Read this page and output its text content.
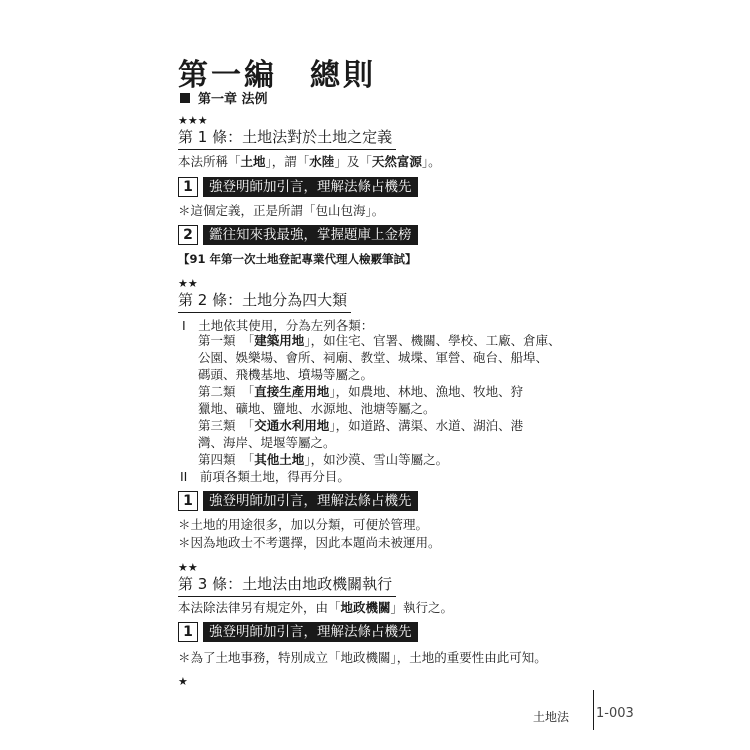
第一編　總則
第一章 法例
★★★
第 1 條：土地法對於土地之定義
本法所稱「土地」，謂「水陸」及「天然富源」。
1	強登明師加引言，理解法條占機先
＊這個定義，正是所謂「包山包海」。
2	鑑往知來我最強，掌握題庫上金榜
【91 年第一次土地登記專業代理人檢覈筆試】
★★
第 2 條：土地分為四大類
I　 土地依其使用，分為左列各類：
第一類　 「建築用地」，如住宅、官署、機關、學校、工廠、倉庫、
公園、娛樂場、會所、祠廟、教堂、城堞、軍營、砲台、船埠、
碼頭、飛機基地、墳場等屬之。
第二類　 「直接生產用地」，如農地、林地、漁地、牧地、狩
獵地、礦地、鹽地、水源地、池塘等屬之。
第三類　 「交通水利用地」，如道路、溝渠、水道、湖泊、港
灣、海岸、堤堰等屬之。
第四類　 「其他土地」，如沙漠、雪山等屬之。
II　 前項各類土地，得再分目。
1	強登明師加引言，理解法條占機先
＊土地的用途很多，加以分類，可便於管理。
＊因為地政士不考選擇，因此本題尚未被運用。
★★
第 3 條：土地法由地政機關執行
本法除法律另有規定外，由「地政機關」執行之。
1	強登明師加引言，理解法條占機先
＊為了土地事務，特別成立「地政機關」，土地的重要性由此可知。
★
土地法 1-003
